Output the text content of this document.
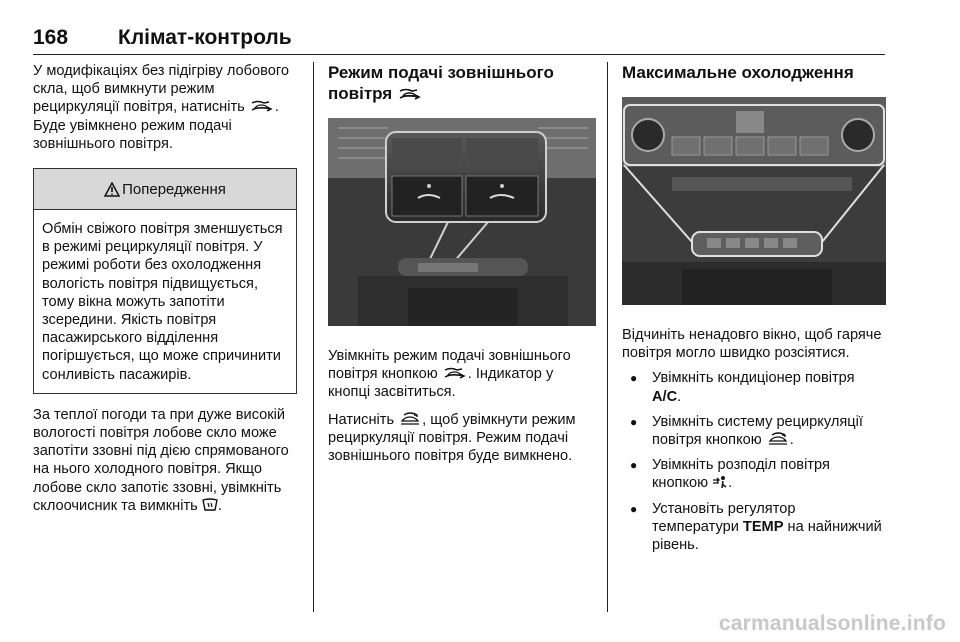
168 Клімат-контроль

У модифікаціях без підігріву лобового скла, щоб вимкнути режим рециркуляції повітря, натисніть . Буде увімкнено режим подачі зовнішнього повітря.

Попередження

Обмін свіжого повітря зменшується в режимі рециркуляції повітря. У режимі роботи без охолодження вологість повітря підвищується, тому вікна можуть запотіти зсередини. Якість повітря пасажирського відділення погіршується, що може спричинити сонливість пасажирів.

За теплої погоди та при дуже високій вологості повітря лобове скло може запотіти ззовні під дією спрямованого на нього холодного повітря. Якщо лобове скло запотіє ззовні, увімкніть склоочисник та вимкніть .

Режим подачі зовнішнього повітря

Увімкніть режим подачі зовнішнього повітря кнопкою . Індикатор у кнопці засвітиться.

Натисніть , щоб увімкнути режим рециркуляції повітря. Режим подачі зовнішнього повітря буде вимкнено.

Максимальне охолодження

Відчиніть ненадовго вікно, щоб гаряче повітря могло швидко розсіятися.

● Увімкніть кондиціонер повітря A/C.
● Увімкніть систему рециркуляції повітря кнопкою .
● Увімкніть розподіл повітря кнопкою .
● Установіть регулятор температури TEMP на найнижчий рівень.
carmanualsonline.info
